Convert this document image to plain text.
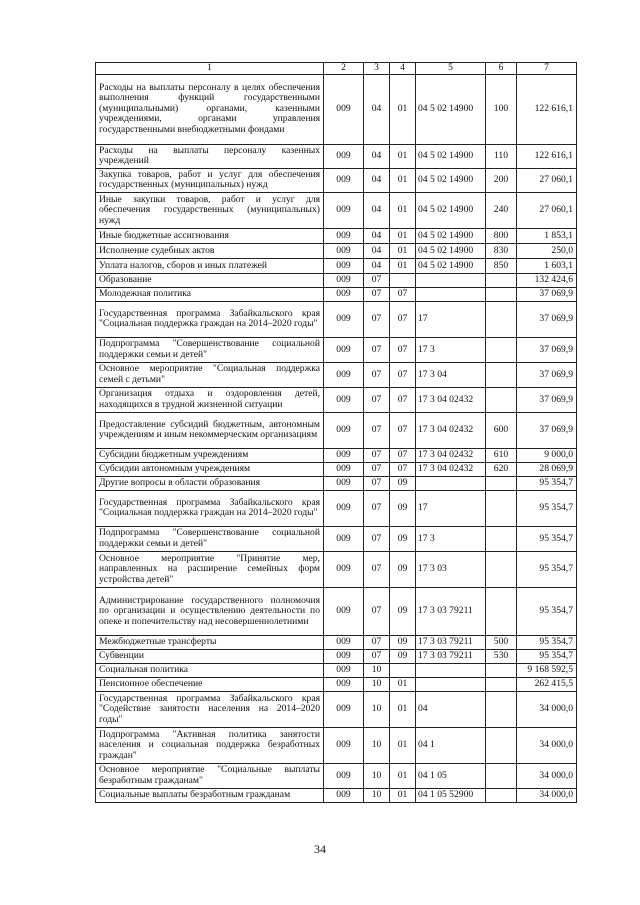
1	2	3	4	5	6	7
Расходы на выплаты персоналу в целях обеспечения выполнения функций государственными (муниципальными) органами, казенными учреждениями, органами управления государственными внебюджетными фондами	009	04	01	04 5 02 14900	100	122 616,1
Расходы на выплаты персоналу казенных учреждений	009	04	01	04 5 02 14900	110	122 616,1
Закупка товаров, работ и услуг для обеспечения государственных (муниципальных) нужд	009	04	01	04 5 02 14900	200	27 060,1
Иные закупки товаров, работ и услуг для обеспечения государственных (муниципальных) нужд	009	04	01	04 5 02 14900	240	27 060,1
Иные бюджетные ассигнования	009	04	01	04 5 02 14900	800	1 853,1
Исполнение судебных актов	009	04	01	04 5 02 14900	830	250,0
Уплата налогов, сборов и иных платежей	009	04	01	04 5 02 14900	850	1 603,1
Образование	009	07				132 424,6
Молодежная политика	009	07	07			37 069,9
Государственная программа Забайкальского края "Социальная поддержка граждан на 2014–2020 годы"	009	07	07	17		37 069,9
Подпрограмма "Совершенствование социальной поддержки семьи и детей"	009	07	07	17 3		37 069,9
Основное мероприятие "Социальная поддержка семей с детьми"	009	07	07	17 3 04		37 069,9
Организация отдыха и оздоровления детей, находящихся в трудной жизненной ситуации	009	07	07	17 3 04 02432		37 069,9
Предоставление субсидий бюджетным, автономным учреждениям и иным некоммерческим организациям	009	07	07	17 3 04 02432	600	37 069,9
Субсидии бюджетным учреждениям	009	07	07	17 3 04 02432	610	9 000,0
Субсидии автономным учреждениям	009	07	07	17 3 04 02432	620	28 069,9
Другие вопросы в области образования	009	07	09			95 354,7
Государственная программа Забайкальского края "Социальная поддержка граждан на 2014–2020 годы"	009	07	09	17		95 354,7
Подпрограмма "Совершенствование социальной поддержки семьи и детей"	009	07	09	17 3		95 354,7
Основное мероприятие "Принятие мер, направленных на расширение семейных форм устройства детей"	009	07	09	17 3 03		95 354,7
Администрирование государственного полномочия по организации и осуществлению деятельности по опеке и попечительству над несовершеннолетними	009	07	09	17 3 03 79211		95 354,7
Межбюджетные трансферты	009	07	09	17 3 03 79211	500	95 354,7
Субвенции	009	07	09	17 3 03 79211	530	95 354,7
Социальная политика	009	10				9 168 592,5
Пенсионное обеспечение	009	10	01			262 415,5
Государственная программа Забайкальского края "Содействие занятости населения на 2014–2020 годы"	009	10	01	04		34 000,0
Подпрограмма "Активная политика занятости населения и социальная поддержка безработных граждан"	009	10	01	04 1		34 000,0
Основное мероприятие "Социальные выплаты безработным гражданам"	009	10	01	04 1 05		34 000,0
Социальные выплаты безработным гражданам	009	10	01	04 1 05 52900		34 000,0
34
